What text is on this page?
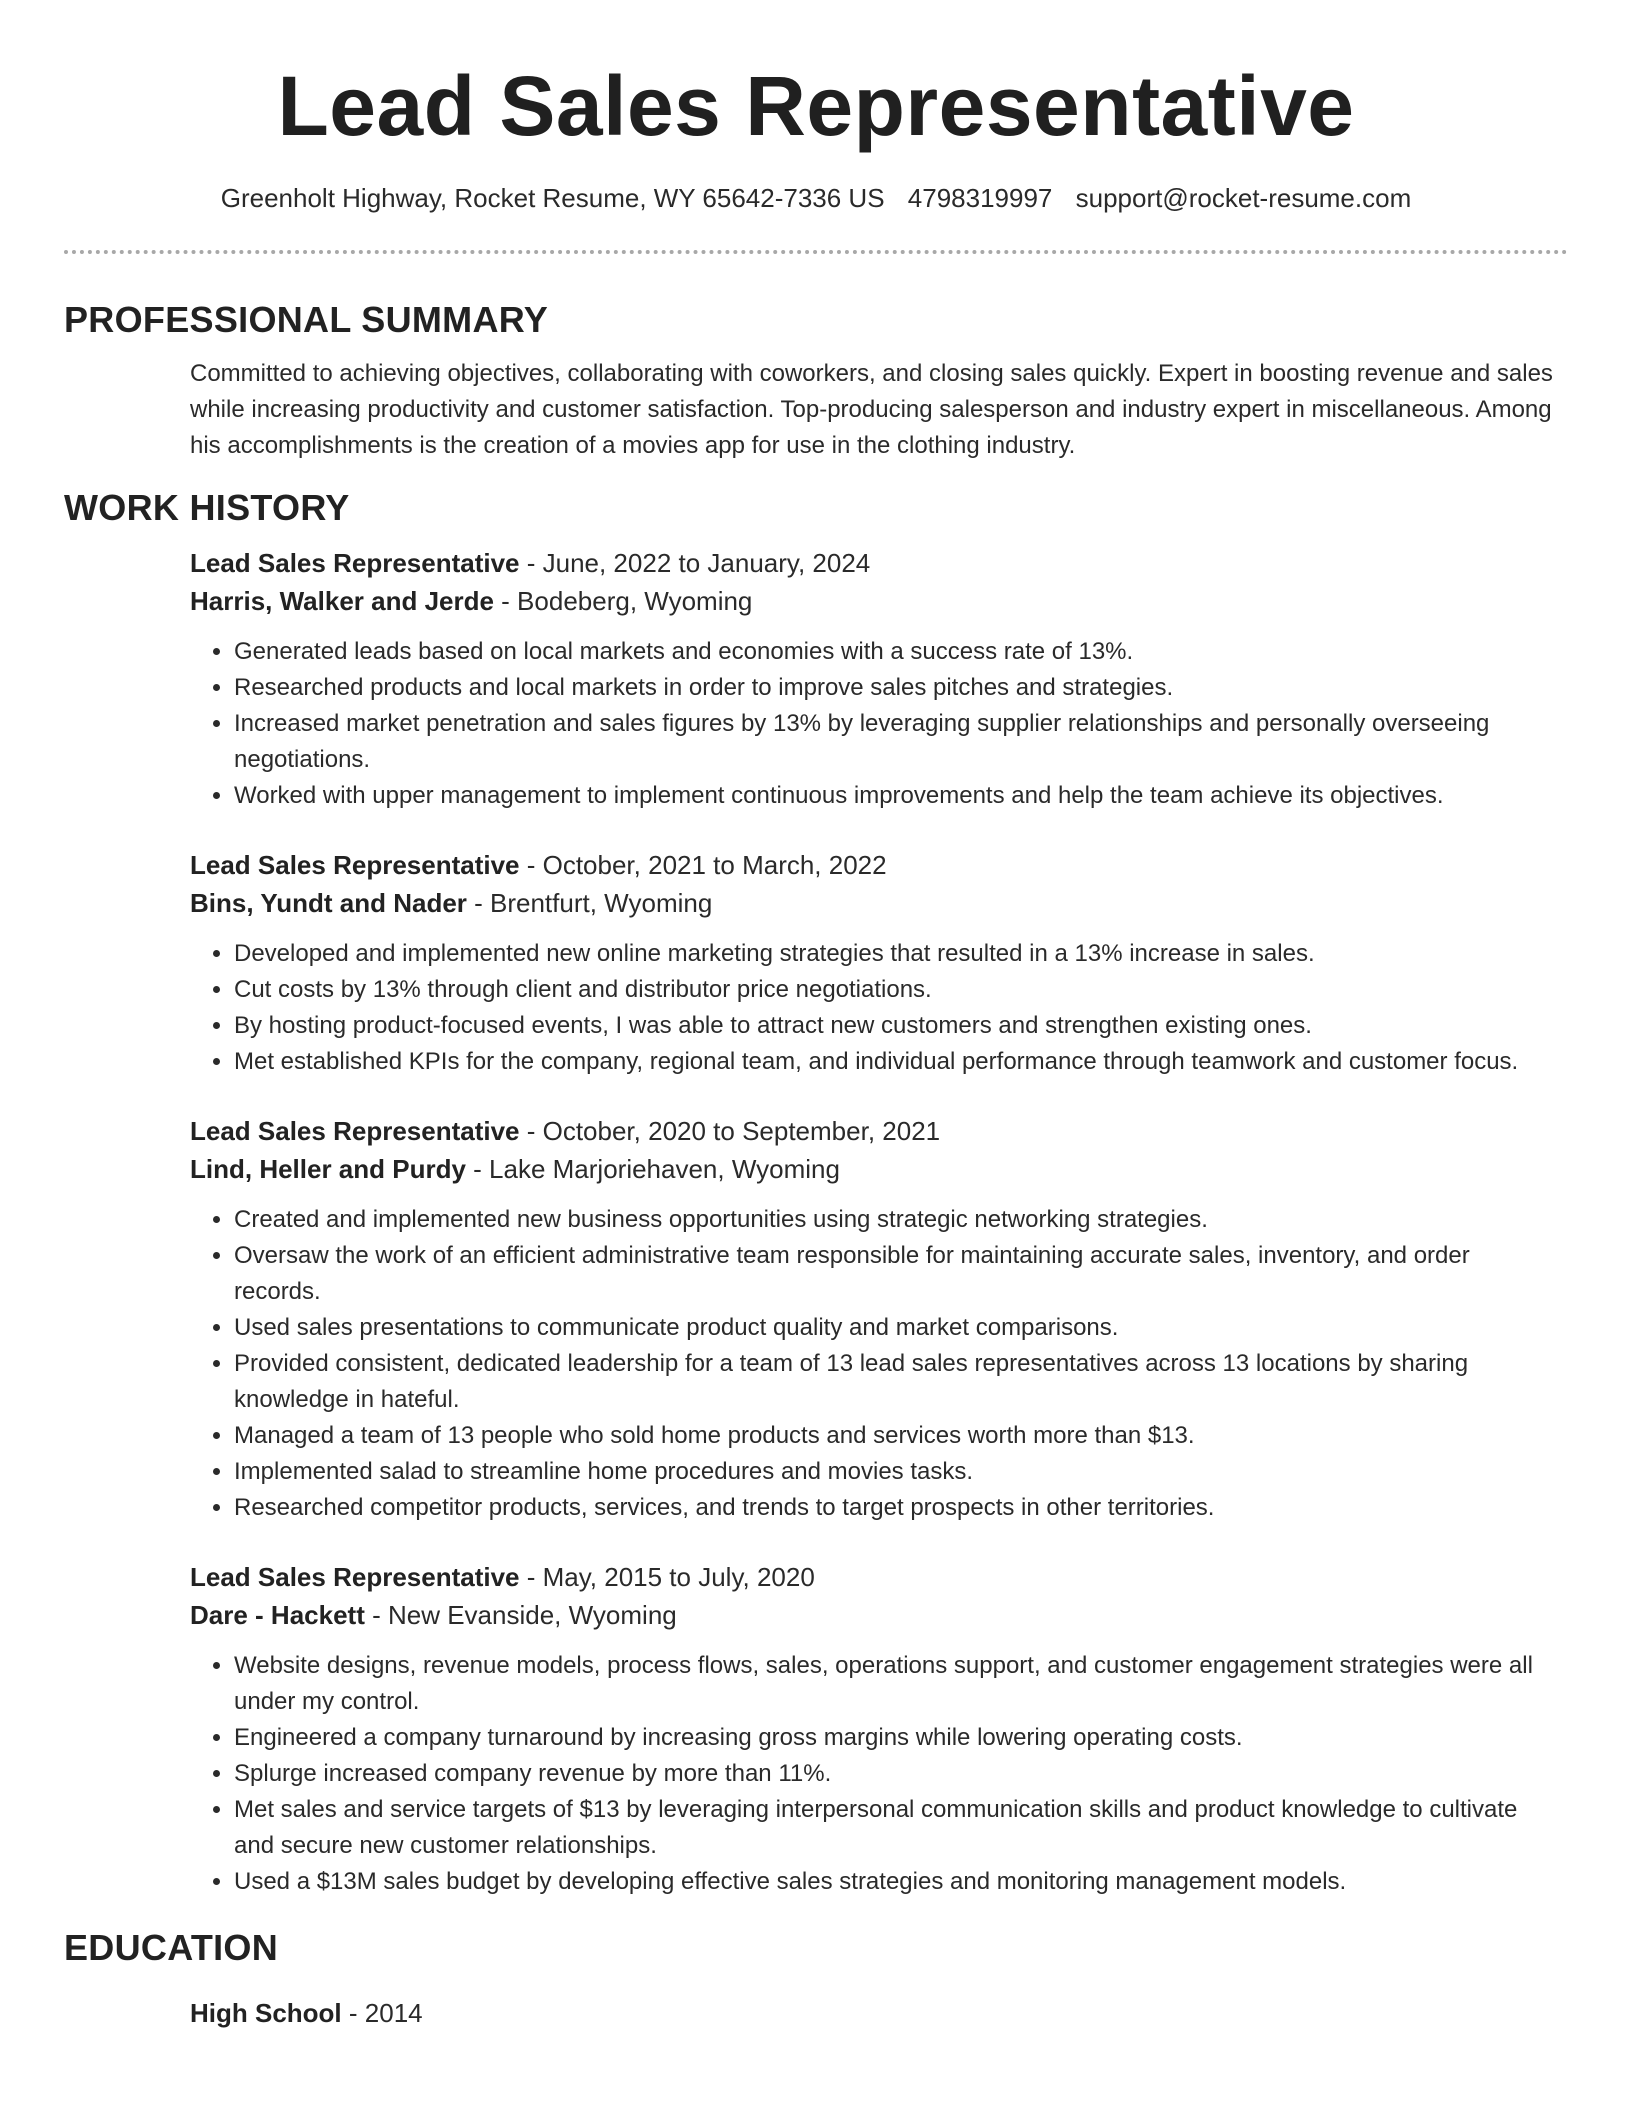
Lead Sales Representative
Greenholt Highway, Rocket Resume, WY 65642-7336 US 4798319997 support@rocket-resume.com
PROFESSIONAL SUMMARY

Committed to achieving objectives, collaborating with coworkers, and closing sales quickly. Expert in boosting revenue and sales while increasing productivity and customer satisfaction. Top-producing salesperson and industry expert in miscellaneous. Among his accomplishments is the creation of a movies app for use in the clothing industry.

WORK HISTORY
Lead Sales Representative - June, 2022 to January, 2024
Harris, Walker and Jerde - Bodeberg, Wyoming
• Generated leads based on local markets and economies with a success rate of 13%.
• Researched products and local markets in order to improve sales pitches and strategies.
• Increased market penetration and sales figures by 13% by leveraging supplier relationships and personally overseeing negotiations.
• Worked with upper management to implement continuous improvements and help the team achieve its objectives.
Lead Sales Representative - October, 2021 to March, 2022
Bins, Yundt and Nader - Brentfurt, Wyoming
• Developed and implemented new online marketing strategies that resulted in a 13% increase in sales.
• Cut costs by 13% through client and distributor price negotiations.
• By hosting product-focused events, I was able to attract new customers and strengthen existing ones.
• Met established KPIs for the company, regional team, and individual performance through teamwork and customer focus.
Lead Sales Representative - October, 2020 to September, 2021
Lind, Heller and Purdy - Lake Marjoriehaven, Wyoming
• Created and implemented new business opportunities using strategic networking strategies.
• Oversaw the work of an efficient administrative team responsible for maintaining accurate sales, inventory, and order records.
• Used sales presentations to communicate product quality and market comparisons.
• Provided consistent, dedicated leadership for a team of 13 lead sales representatives across 13 locations by sharing knowledge in hateful.
• Managed a team of 13 people who sold home products and services worth more than $13.
• Implemented salad to streamline home procedures and movies tasks.
• Researched competitor products, services, and trends to target prospects in other territories.
Lead Sales Representative - May, 2015 to July, 2020
Dare - Hackett - New Evanside, Wyoming
• Website designs, revenue models, process flows, sales, operations support, and customer engagement strategies were all under my control.
• Engineered a company turnaround by increasing gross margins while lowering operating costs.
• Splurge increased company revenue by more than 11%.
• Met sales and service targets of $13 by leveraging interpersonal communication skills and product knowledge to cultivate and secure new customer relationships.
• Used a $13M sales budget by developing effective sales strategies and monitoring management models.
EDUCATION
High School - 2014
